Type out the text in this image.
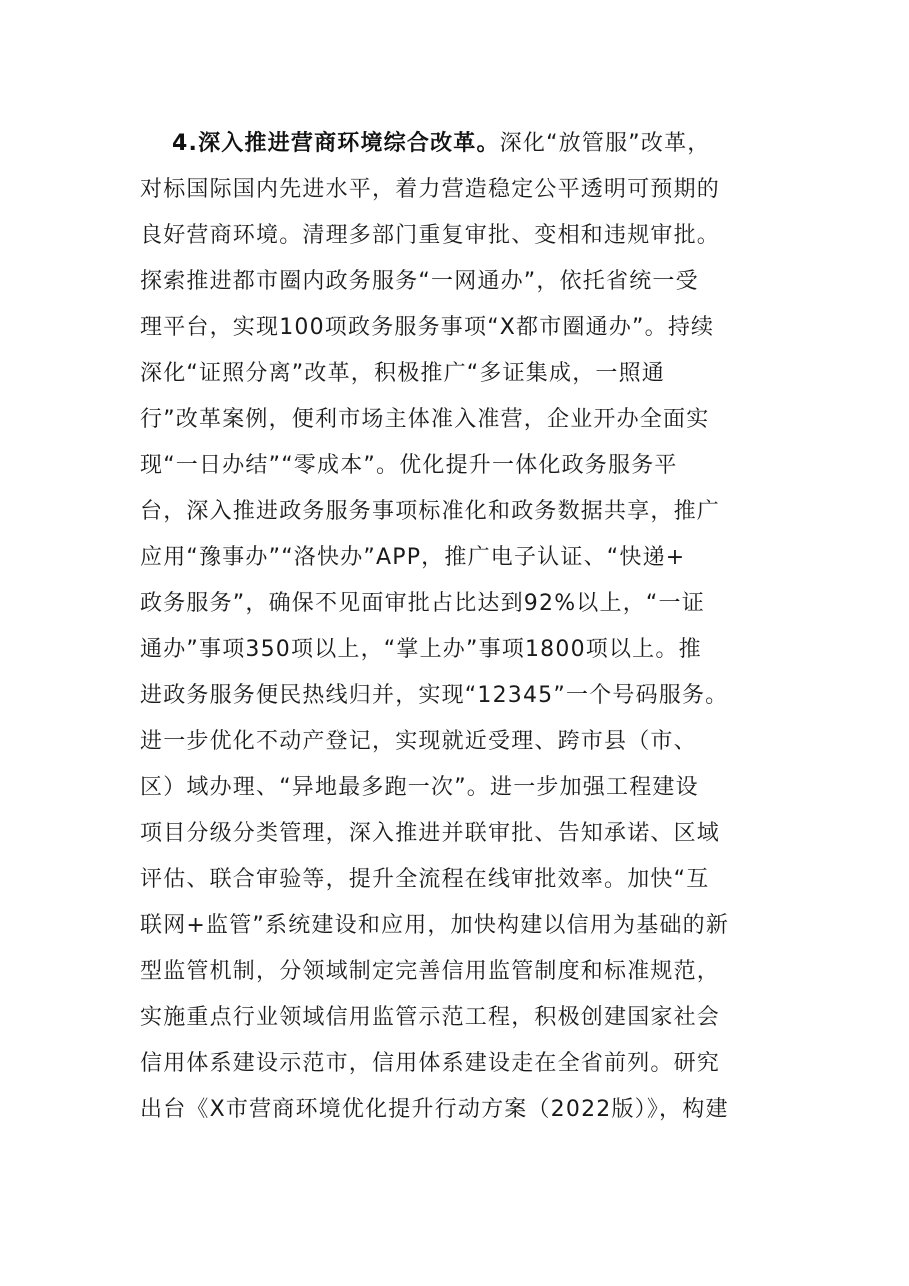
4.深入推进营商环境综合改革。深化“放管服”改革，
对标国际国内先进水平，着力营造稳定公平透明可预期的
良好营商环境。清理多部门重复审批、变相和违规审批。
探索推进都市圈内政务服务“一网通办”，依托省统一受
理平台，实现100项政务服务事项“X都市圈通办”。持续
深化“证照分离”改革，积极推广“多证集成，一照通
行”改革案例，便利市场主体准入准营，企业开办全面实
现“一日办结”“零成本”。优化提升一体化政务服务平
台，深入推进政务服务事项标准化和政务数据共享，推广
应用“豫事办”“洛快办”APP，推广电子认证、“快递+
政务服务”，确保不见面审批占比达到92%以上，“一证
通办”事项350项以上，“掌上办”事项1800项以上。推
进政务服务便民热线归并，实现“12345”一个号码服务。
进一步优化不动产登记，实现就近受理、跨市县（市、
区）域办理、“异地最多跑一次”。进一步加强工程建设
项目分级分类管理，深入推进并联审批、告知承诺、区域
评估、联合审验等，提升全流程在线审批效率。加快“互
联网+监管”系统建设和应用，加快构建以信用为基础的新
型监管机制，分领域制定完善信用监管制度和标准规范，
实施重点行业领域信用监管示范工程，积极创建国家社会
信用体系建设示范市，信用体系建设走在全省前列。研究
出台《X市营商环境优化提升行动方案（2022版）》，构建
